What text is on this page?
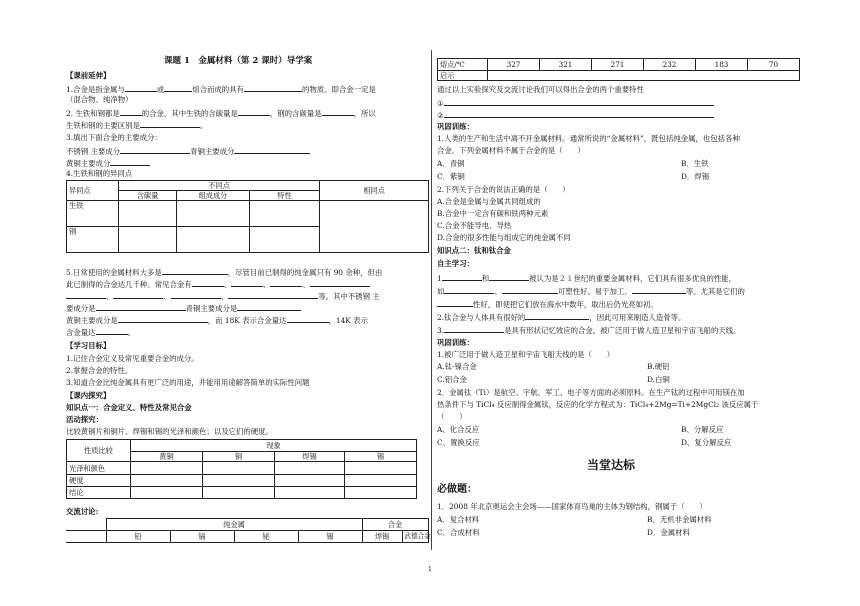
课题 1　金属材料（第 2 课时）导学案
【课前延伸】
1.合金是指金属与	或	熔合而成的具有	的物质。即合金一定是
（混合物、纯净物）
2. 生铁和钢都是	的合金，其中生铁的含碳量是	，钢的含碳量是	，所以
生铁和钢的主要区别是	。
3.填出下面合金的主要成分：
不锈钢 主要成分	青铜主要成分
黄铜主要成分
4.生铁和钢的异同点
异同点	不同点			相同点
	含碳量	组成成分	特性	
生铁				
钢				
5.日常使用的金属材料大多是	，尽管目前已制得的纯金属只有 90 余种，但由
此已制得的合金达几千种。常见合金有	、	、	、
、	、	、	等。其中不锈钢 主
要成分是	青铜主要成分是
黄铜主要成分是	，而 18K 表示合金量达	，14K 表示
含金量达	。
【学习目标】
1.记住合金定义及常见重要合金的成分。
2.掌握合金的特性。
3.知道合金比纯金属具有更广泛的用途，并能用用途解答简单的实际性问题
【课内探究】
知识点一：合金定义、特性及常见合金
活动探究：
比较黄铜片和铜片、焊锡和锡的光泽和颜色；以及它们的硬度。
性质比较	现象			
	黄铜	铜	焊锡	锡
光泽和颜色				
硬度				
结论				
交流讨论:
	纯金属				合金	
	铅	镉	铋	锡	焊锡	武德合金
熔点/℃	327	321	271	232	183	70
启示						
通过以上实验探究及交流讨论我们可以得出合金的两个重要特性
①
②
巩固训练：
1.人类的生产和生活中离不开金属材料。通常所说的“金属材料”，既包括纯金属，也包括各种
合金。下列金属材料不属于合金的是（　　）
A．青铜	B．生铁
C．紫铜	D．焊锡
2.下列关于合金的说法正确的是（　　）
A.合金是金属与金属共同组成的
B.合金中一定含有碳和铁两种元素
C.合金不能导电、导热
D.合金的很多性能与组成它的纯金属不同
知识点二：钛和钛合金
自主学习：
1	和	被认为是２１世纪的重要金属材料，它们具有很多优良的性能，
如	、	可塑性好、易于加工、	等。尤其是它们的
性好，即使把它们放在海水中数年，取出后仍光亮如初。
2.钛合金与人体具有很好的	，因此可用来制造人造骨等。
3.	是具有形状记忆效应的合金，被广泛用于做人造卫星和宇宙飞船的天线。
巩固训练：
1.被广泛用于做人造卫星和宇宙飞船天线的是（　　）
A.钛-镍合金	B.硬铝
C.铝合金	D.白铜
2．金属钛（Ti）是航空、宇航、军工、电子等方面的必须原料。在生产钛的过程中可用镁在加
热条件下与 TiCl₄ 反应制得金属钛，反应的化学方程式为：TiCl₄+2Mg=Ti+2MgCl₂ 该反应属于
（　　）
A、化合反应	B、分解反应
C、置换反应	D、复分解反应
当堂达标
必做题：
1．2008 年北京奥运会主会场——国家体育鸟巢的主体为钢结构，钢属于（　　）
A．复合材料	B．无机非金属材料
C．合成材料	D．金属材料
1
